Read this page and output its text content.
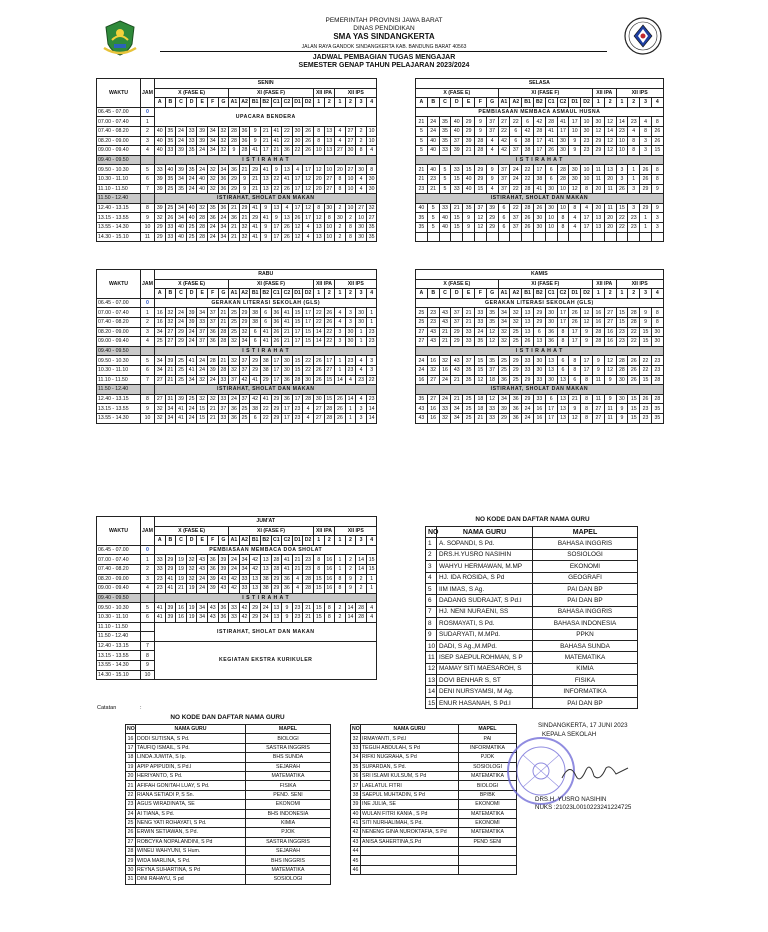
PEMERINTAH PROVINSI JAWA BARAT
DINAS PENDIDIKAN
SMA YAS SINDANGKERTA
JALAN RAYA GANDOK SINDANGKERTA KAB. BANDUNG BARAT 40563
JADWAL PEMBAGIAN TUGAS MENGAJAR
SEMESTER GENAP TAHUN PELAJARAN 2023/2024
WAKTU	JAM	SENIN																				
		X (FASE E)							XI (FASE F)								XII IPA		XII IPS			
		A	B	C	D	E	F	G	A1	A2	B1	B2	C1	C2	D1	D2	1	2	1	2	3	4
06.45 - 07.00	0	UPACARA BENDERA																				
07.00 - 07.40	1																					
07.40 - 08.20	2	40	35	24	33	39	34	32	28	36	9	21	41	22	30	26	8	13	4	27	2	10
08.20 - 09.00	3	40	35	24	33	39	34	32	28	36	9	21	41	22	30	26	8	13	4	27	2	10
09.00 - 09.40	4	40	33	39	35	24	34	32	9	28	41	17	21	36	22	26	10	13	27	30	8	4
09.40 - 09.50		I S T I R A H A T																				
09.50 - 10.30	5	33	40	39	35	24	32	34	36	21	29	41	9	13	4	17	12	10	20	27	30	8
10.30 - 11.10	6	39	35	34	24	40	32	36	29	9	21	13	22	41	17	12	20	27	8	10	4	30
11.10 - 11.50	7	39	25	35	24	40	32	36	29	9	21	13	22	26	17	12	20	27	8	10	4	30
11.50 - 12.40		ISTIRAHAT, SHOLAT DAN MAKAN																				
12.40 - 13.15	8	39	25	34	40	32	35	36	21	29	41	9	13	4	17	12	8	30	2	10	27	32
13.15 - 13.55	9	32	26	34	40	28	36	24	36	21	29	41	9	13	26	17	12	8	30	2	10	27
13.55 - 14.30	10	29	33	40	25	28	24	34	21	32	41	9	17	26	12	4	13	10	2	8	30	35
14.30 - 15.10	11	29	33	40	25	28	24	34	21	32	41	9	17	26	12	4	13	10	2	8	30	35
SELASA																				
X (FASE E)							XI (FASE F)								XII IPA		XII IPS			
A	B	C	D	E	F	G	A1	A2	B1	B2	C1	C2	D1	D2	1	2	1	2	3	4
PEMBIASAAN MEMBACA ASMAUL HUSNA																				
21	24	35	40	29	9	37	27	22	6	42	28	41	17	10	30	12	14	23	4	8
5	24	35	40	29	9	37	22	6	42	28	41	17	10	30	12	14	23	4	8	26
5	40	35	37	39	28	4	42	6	38	17	41	30	9	23	29	12	10	8	3	26
5	40	33	39	21	28	4	42	37	38	17	26	30	9	23	29	12	10	8	3	15
I S T I R A H A T																				
21	40	5	33	15	29	9	37	24	22	17	6	28	30	10	11	13	3	1	26	8
21	23	5	15	40	29	9	37	24	22	38	6	28	30	10	11	20	3	1	26	8
23	21	5	33	40	15	4	37	22	28	41	30	10	12	8	20	11	26	3	29	9
ISTIRAHAT, SHOLAT DAN MAKAN																				
40	5	33	21	35	37	39	6	22	28	26	30	10	8	4	20	11	15	3	29	9
35	5	40	15	9	12	29	6	37	26	30	10	8	4	17	13	20	22	23	1	3
35	5	40	15	9	12	29	6	37	26	30	10	8	4	17	13	20	22	23	1	3

WAKTU	JAM	RABU																				
		X (FASE E)							XI (FASE F)								XII IPA		XII IPS			
		A	B	C	D	E	F	G	A1	A2	B1	B2	C1	C2	D1	D2	1	2	1	2	3	4
06.45 - 07.00	0	GERAKAN LITERASI SEKOLAH (GLS)																				
07.00 - 07.40	1	16	32	24	39	34	37	21	25	29	38	6	36	41	15	17	22	26	4	3	30	1
07.40 - 08.20	2	16	32	24	39	33	37	21	25	29	38	6	36	41	15	17	22	26	4	3	30	1
08.20 - 09.00	3	34	27	29	24	37	36	28	25	32	6	41	26	21	17	15	14	22	3	30	1	23
09.00 - 09.40	4	25	27	29	24	37	36	28	32	34	6	41	26	21	17	15	14	22	3	30	1	23
09.40 - 09.50		I S T I R A H A T																				
09.50 - 10.30	5	34	39	25	41	24	28	21	32	37	29	38	17	30	15	22	26	17	1	23	4	3
10.30 - 11.10	6	34	21	25	41	24	39	28	32	37	29	38	17	30	15	22	26	27	1	23	4	3
11.10 - 11.50	7	27	21	25	34	32	24	33	37	42	41	29	17	36	28	30	26	15	14	4	23	22
11.50 - 12.40		ISTIRAHAT, SHOLAT DAN MAKAN																				
12.40 - 13.15	8	27	31	39	25	32	32	33	24	37	42	41	29	36	17	28	30	15	26	14	4	23
13.15 - 13.55	9	32	34	41	24	15	21	37	36	25	38	22	29	17	23	4	27	28	26	1	3	14
13.55 - 14.30	10	32	34	41	24	15	21	33	36	25	6	22	29	17	23	4	27	28	26	1	3	14
KAMIS																				
X (FASE E)							XI (FASE F)								XII IPA		XII IPS			
A	B	C	D	E	F	G	A1	A2	B1	B2	C1	C2	D1	D2	1	2	1	2	3	4
GERAKAN LITERASI SEKOLAH (GLS)																				
25	23	43	37	21	33	35	34	32	13	29	30	17	26	12	16	27	15	28	9	8
25	23	43	37	21	33	35	34	32	13	29	30	17	26	12	16	27	15	28	9	8
27	43	21	29	33	24	12	32	25	13	6	36	8	17	9	28	16	23	22	15	30
27	43	21	29	33	35	12	32	25	26	13	36	8	17	9	28	16	23	22	15	30
I S T I R A H A T																				
24	16	32	43	37	15	35	25	29	33	30	13	6	8	17	9	12	28	26	22	23
24	32	16	43	35	15	37	25	29	33	30	13	6	8	17	9	12	28	26	22	23
16	27	24	21	35	12	18	36	25	29	33	30	13	6	8	11	9	30	26	15	28
ISTIRAHAT, SHOLAT DAN MAKAN																				
35	27	24	21	25	18	12	34	36	29	33	6	13	21	8	11	9	30	15	26	28
43	16	33	34	25	18	33	39	36	24	16	17	13	9	8	27	11	9	15	23	35
43	16	32	34	25	21	33	29	36	24	16	17	13	12	8	27	11	9	15	23	35
WAKTU	JAM	JUM'AT																				
		X (FASE E)							XI (FASE F)								XII IPA		XII IPS			
		A	B	C	D	E	F	G	A1	A2	B1	B2	C1	C2	D1	D2	1	2	1	2	3	4
06.45 - 07.00	0	PEMBIASAAN MEMBACA DOA SHOLAT																				
07.00 - 07.40	1	33	29	19	32	43	36	39	24	34	42	13	28	41	21	23	8	16	1	2	14	15
07.40 - 08.20	2	33	29	19	32	43	36	39	24	34	42	13	28	41	21	23	8	16	1	2	14	15
08.20 - 09.00	3	23	41	19	32	24	39	43	42	33	13	38	29	36	4	28	15	16	8	9	2	1
09.00 - 09.40	4	23	41	21	19	24	39	43	42	33	13	38	29	36	4	28	15	16	8	9	2	1
09.40 - 09.50		I S T I R A H A T																				
09.50 - 10.30	5	41	39	16	19	34	43	36	33	42	29	24	13	9	23	21	15	8	2	14	28	4
10.30 - 11.10	6	41	39	16	19	34	43	36	33	42	29	24	13	9	23	21	15	8	2	14	28	4
11.10 - 11.50		ISTIRAHAT, SHOLAT DAN MAKAN																				
11.50 - 12.40																						
12.40 - 13.15	7	KEGIATAN EKSTRA KURIKULER																				
13.15 - 13.55	8																					
13.55 - 14.30	9																					
14.30 - 15.10	10																					
NO KODE DAN DAFTAR NAMA GURU
NO	NAMA GURU	MAPEL
1	A. SOPANDI, S Pd.	BAHASA INGGRIS
2	DRS.H.YUSRO NASIHIN	SOSIOLOGI
3	WAHYU HERMAWAN, M.MP	EKONOMI
4	HJ. IDA ROSIDA, S Pd	GEOGRAFI
5	IIM IMAS, S Ag.	PAI DAN BP
6	DADANG SUDRAJAT, S Pd.I	PAI DAN BP
7	HJ. NENI NURAENI, SS	BAHASA INGGRIS
8	ROSMAYATI, S Pd.	BAHASA INDONESIA
9	SUDARYATI, M.MPd.	PPKN
10	DADI, S Ag.,M.MPd.	BAHASA SUNDA
11	ISEP SAEPULROHMAN, S P	MATEMATIKA
12	MAMAY SITI MAESAROH, S	KIMIA
13	DOVI BENHAR S, ST	FISIKA
14	DENI NURSYAMSI, M Ag.	INFORMATIKA
15	ENUR HASANAH, S Pd.I	PAI DAN BP
Catatan	:
NO KODE DAN DAFTAR NAMA GURU
NO	NAMA GURU	MAPEL
16	DODI SUTISNA, S Pd.	BIOLOGI
17	TAUFIQ ISMAIL, S Pd.	SASTRA INGGRIS
18	LINDA JUWITA, S Ip.	BHS SUNDA
19	APIP APIPUDIN, S Pd.I	SEJARAH
20	HERIYANTO, S Pd.	MATEMATIKA
21	AFIFAH GONITAH LUAY, S Pd.	FISIKA
22	RIANA SETIADI P, S Sn.	PEND. SENI
23	AGUS WIRADINATA, SE	EKONOMI
24	AI TIANA, S Pd.	BHS INDONESIA
25	NENG YATI ROHAYATI, S Pd.	KIMIA
26	ERWIN SETIAWAN, S Pd.	PJOK
27	ROBCYKA NOPALANDINI, S Pd	SASTRA INGGRIS
28	WINEU WAHYUNI, S Hum.	SEJARAH
29	WIDA MARLINA, S Pd.	BHS INGGRIS
30	REYNA SUHARTINA, S Pd	MATEMATIKA
31	DINI RAHAYU, S pd	SOSIOLOGI
NO	NAMA GURU	MAPEL
32	IRMAYANTI, S Pd.I	PAI
33	TEGUH ABDULAH, S Pd	INFORMATIKA
34	RIFKI NUGRAHA, S Pd	PJOK
35	SUPARDAN, S Pd.	SOSIOLOGI
36	SRI ISLAMI KULSUM, S Pd	MATEMATIKA
37	LAELATUL FITRI	BIOLOGI
38	SAEPUL MUHTADIN, S Pd	BP/BK
39	INE JULIA, SE	EKONOMI
40	WULAN FITRI KANIA , S Pd	MATEMATIKA
41	SITI NURHALIMAH, S Pd.	EKONOMI
42	NENENG GINA NUROKTAFIA, S Pd	MATEMATIKA
43	ANISA SAHERTINA,S.Pd	PEND SENI
44		
45		
46		
SINDANGKERTA, 17 JUNI 2023
KEPALA SEKOLAH
DRS.H. YUSRO NASIHIN
NUKS :21023L0010223241224725
